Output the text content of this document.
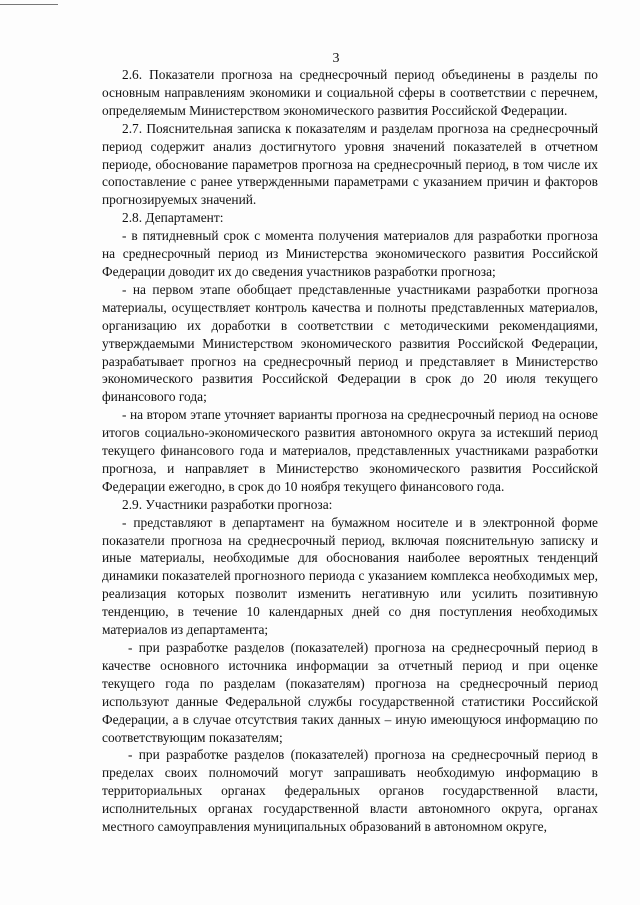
3

2.6. Показатели прогноза на среднесрочный период объединены в разделы по основным направлениям экономики и социальной сферы в соответствии с перечнем, определяемым Министерством экономического развития Российской Федерации.

2.7. Пояснительная записка к показателям и разделам прогноза на среднесрочный период содержит анализ достигнутого уровня значений показателей в отчетном периоде, обоснование параметров прогноза на среднесрочный период, в том числе их сопоставление с ранее утвержденными параметрами с указанием причин и факторов прогнозируемых значений.

2.8. Департамент:

- в пятидневный срок с момента получения материалов для разработки прогноза на среднесрочный период из Министерства экономического развития Российской Федерации доводит их до сведения участников разработки прогноза;

- на первом этапе обобщает представленные участниками разработки прогноза материалы, осуществляет контроль качества и полноты представленных материалов, организацию их доработки в соответствии с методическими рекомендациями, утверждаемыми Министерством экономического развития Российской Федерации, разрабатывает прогноз на среднесрочный период и представляет в Министерство экономического развития Российской Федерации в срок до 20 июля текущего финансового года;

- на втором этапе уточняет варианты прогноза на среднесрочный период на основе итогов социально-экономического развития автономного округа за истекший период текущего финансового года и материалов, представленных участниками разработки прогноза, и направляет в Министерство экономического развития Российской Федерации ежегодно, в срок до 10 ноября текущего финансового года.

2.9. Участники разработки прогноза:

- представляют в департамент на бумажном носителе и в электронной форме показатели прогноза на среднесрочный период, включая пояснительную записку и иные материалы, необходимые для обоснования наиболее вероятных тенденций динамики показателей прогнозного периода с указанием комплекса необходимых мер, реализация которых позволит изменить негативную или усилить позитивную тенденцию, в течение 10 календарных дней со дня поступления необходимых материалов из департамента;

- при разработке разделов (показателей) прогноза на среднесрочный период в качестве основного источника информации за отчетный период и при оценке текущего года по разделам (показателям) прогноза на среднесрочный период используют данные Федеральной службы государственной статистики Российской Федерации, а в случае отсутствия таких данных – иную имеющуюся информацию по соответствующим показателям;

- при разработке разделов (показателей) прогноза на среднесрочный период в пределах своих полномочий могут запрашивать необходимую информацию в территориальных органах федеральных органов государственной власти, исполнительных органах государственной власти автономного округа, органах местного самоуправления муниципальных образований в автономном округе,
